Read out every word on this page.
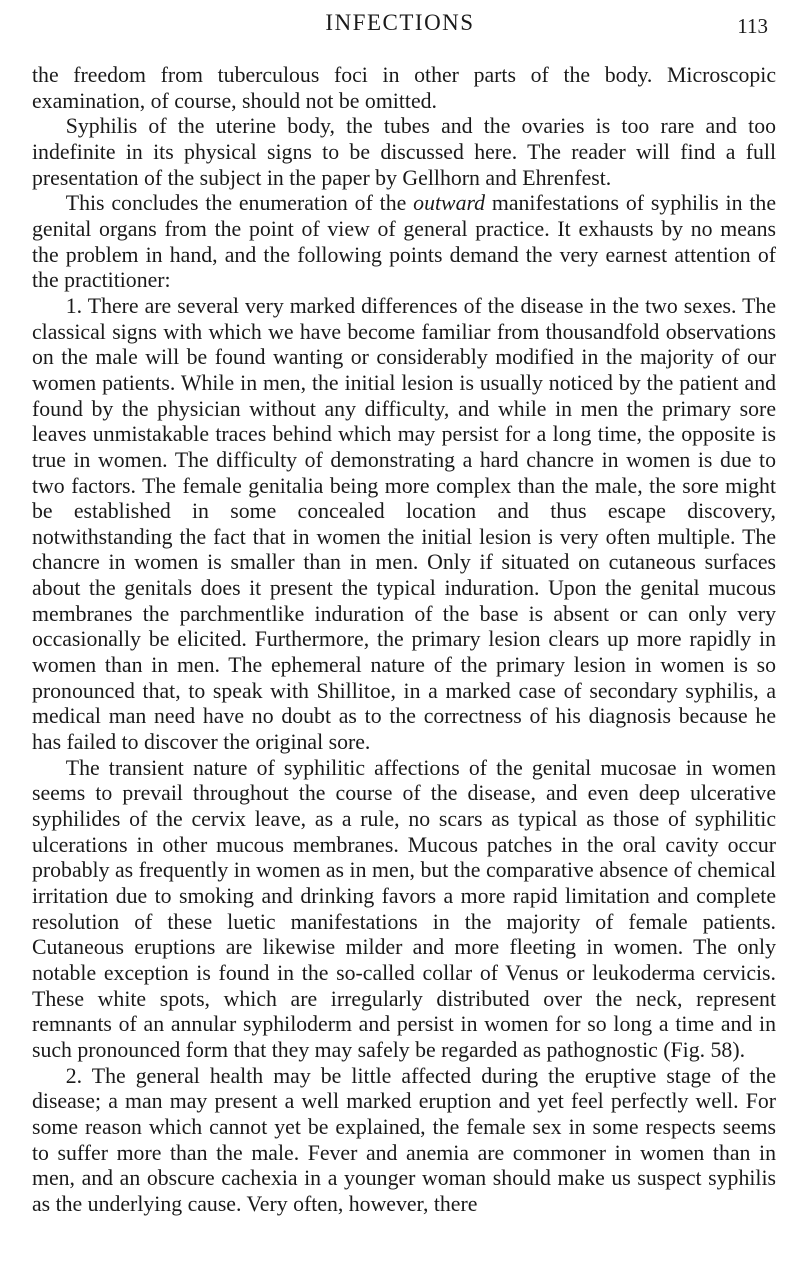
INFECTIONS	113

the freedom from tuberculous foci in other parts of the body. Microscopic examination, of course, should not be omitted.

Syphilis of the uterine body, the tubes and the ovaries is too rare and too indefinite in its physical signs to be discussed here. The reader will find a full presentation of the subject in the paper by Gellhorn and Ehrenfest.

This concludes the enumeration of the outward manifestations of syphilis in the genital organs from the point of view of general practice. It exhausts by no means the problem in hand, and the following points demand the very earnest attention of the practitioner:

1. There are several very marked differences of the disease in the two sexes. The classical signs with which we have become familiar from thousandfold observations on the male will be found wanting or considerably modified in the majority of our women patients. While in men, the initial lesion is usually noticed by the patient and found by the physician without any difficulty, and while in men the primary sore leaves unmistakable traces behind which may persist for a long time, the opposite is true in women. The difficulty of demonstrating a hard chancre in women is due to two factors. The female genitalia being more complex than the male, the sore might be established in some concealed location and thus escape discovery, notwithstanding the fact that in women the initial lesion is very often multiple. The chancre in women is smaller than in men. Only if situated on cutaneous surfaces about the genitals does it present the typical induration. Upon the genital mucous membranes the parchmentlike induration of the base is absent or can only very occasionally be elicited. Furthermore, the primary lesion clears up more rapidly in women than in men. The ephemeral nature of the primary lesion in women is so pronounced that, to speak with Shillitoe, in a marked case of secondary syphilis, a medical man need have no doubt as to the correctness of his diagnosis because he has failed to discover the original sore.

The transient nature of syphilitic affections of the genital mucosae in women seems to prevail throughout the course of the disease, and even deep ulcerative syphilides of the cervix leave, as a rule, no scars as typical as those of syphilitic ulcerations in other mucous membranes. Mucous patches in the oral cavity occur probably as frequently in women as in men, but the comparative absence of chemical irritation due to smoking and drinking favors a more rapid limitation and complete resolution of these luetic manifestations in the majority of female patients. Cutaneous eruptions are likewise milder and more fleeting in women. The only notable exception is found in the so-called collar of Venus or leukoderma cervicis. These white spots, which are irregularly distributed over the neck, represent remnants of an annular syphiloderm and persist in women for so long a time and in such pronounced form that they may safely be regarded as pathognostic (Fig. 58).

2. The general health may be little affected during the eruptive stage of the disease; a man may present a well marked eruption and yet feel perfectly well. For some reason which cannot yet be explained, the female sex in some respects seems to suffer more than the male. Fever and anemia are commoner in women than in men, and an obscure cachexia in a younger woman should make us suspect syphilis as the underlying cause. Very often, however, there
